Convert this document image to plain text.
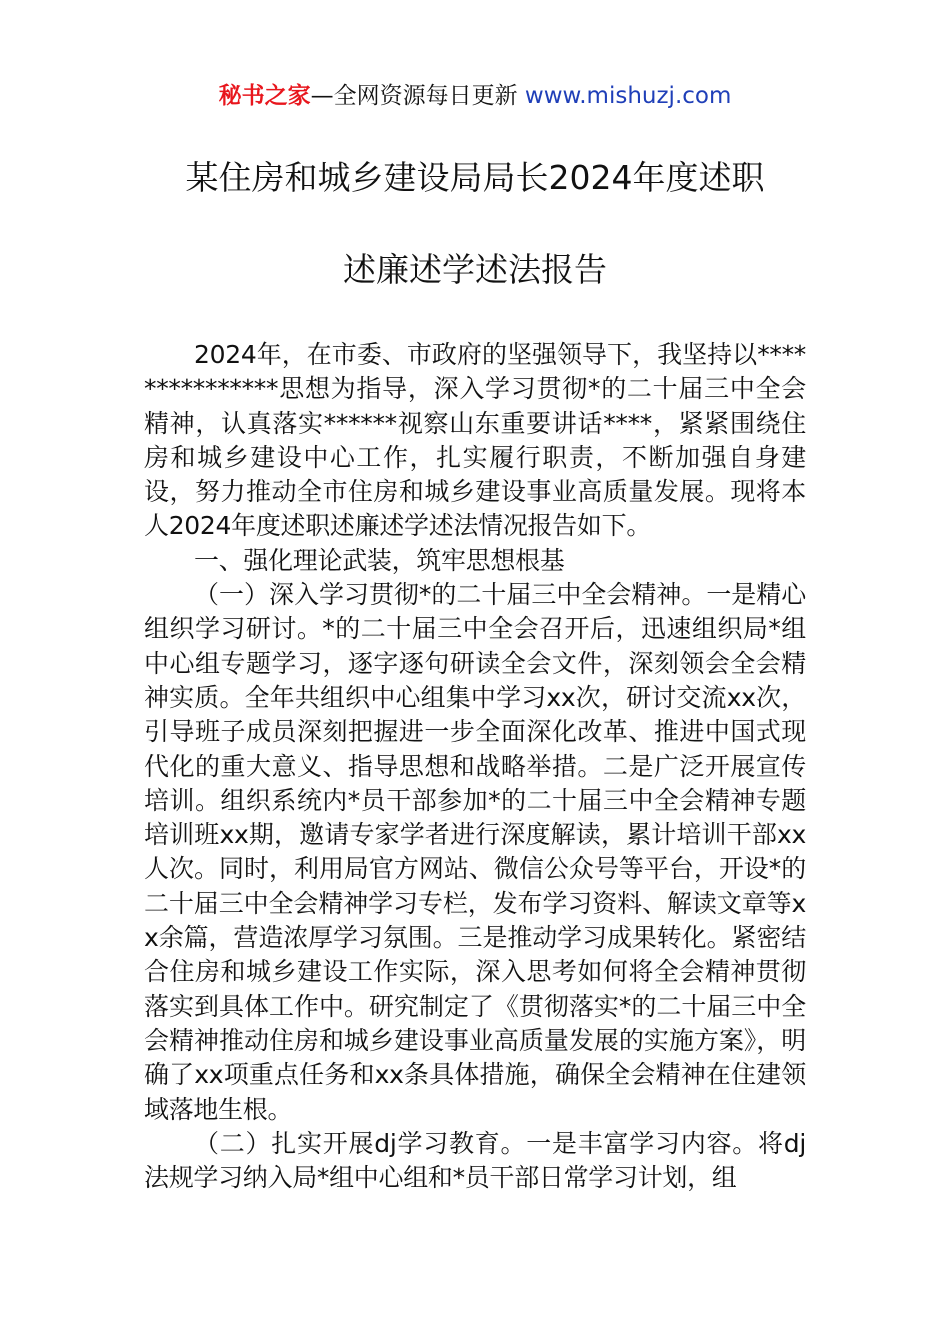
秘书之家—全网资源每日更新 www.mishuzj.com
某住房和城乡建设局局长2024年度述职
述廉述学述法报告

2024年，在市委、市政府的坚强领导下，我坚持以***************思想为指导，深入学习贯彻*的二十届三中全会精神，认真落实******视察山东重要讲话****，紧紧围绕住房和城乡建设中心工作，扎实履行职责，不断加强自身建设，努力推动全市住房和城乡建设事业高质量发展。现将本人2024年度述职述廉述学述法情况报告如下。

一、强化理论武装，筑牢思想根基

（一）深入学习贯彻*的二十届三中全会精神。一是精心组织学习研讨。*的二十届三中全会召开后，迅速组织局*组中心组专题学习，逐字逐句研读全会文件，深刻领会全会精神实质。全年共组织中心组集中学习xx次，研讨交流xx次，引导班子成员深刻把握进一步全面深化改革、推进中国式现代化的重大意义、指导思想和战略举措。二是广泛开展宣传培训。组织系统内*员干部参加*的二十届三中全会精神专题培训班xx期，邀请专家学者进行深度解读，累计培训干部xx人次。同时，利用局官方网站、微信公众号等平台，开设*的二十届三中全会精神学习专栏，发布学习资料、解读文章等xx余篇，营造浓厚学习氛围。三是推动学习成果转化。紧密结合住房和城乡建设工作实际，深入思考如何将全会精神贯彻落实到具体工作中。研究制定了《贯彻落实*的二十届三中全会精神推动住房和城乡建设事业高质量发展的实施方案》，明确了xx项重点任务和xx条具体措施，确保全会精神在住建领域落地生根。

（二）扎实开展dj学习教育。一是丰富学习内容。将dj法规学习纳入局*组中心组和*员干部日常学习计划，组
